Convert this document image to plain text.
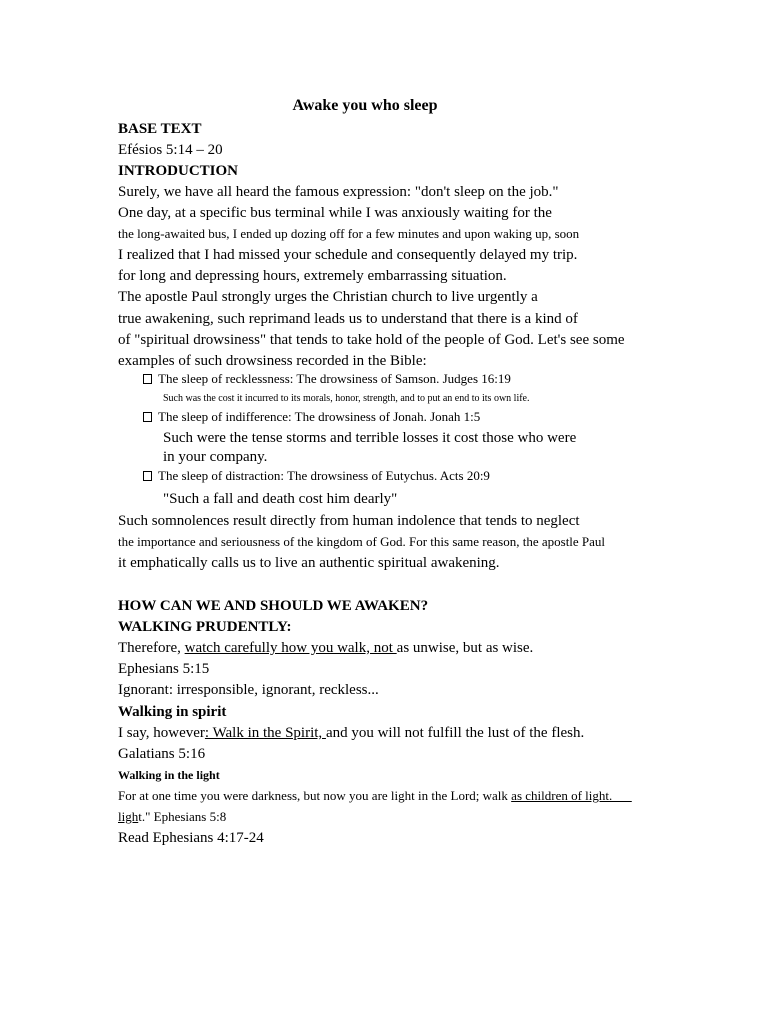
Awake you who sleep
BASE TEXT
Efésios 5:14 – 20
INTRODUCTION
Surely, we have all heard the famous expression: "don't sleep on the job."
One day, at a specific bus terminal while I was anxiously waiting for the
the long-awaited bus, I ended up dozing off for a few minutes and upon waking up, soon
I realized that I had missed your schedule and consequently delayed my trip.
for long and depressing hours, extremely embarrassing situation.
The apostle Paul strongly urges the Christian church to live urgently a
true awakening, such reprimand leads us to understand that there is a kind of
of "spiritual drowsiness" that tends to take hold of the people of God. Let's see some
examples of such drowsiness recorded in the Bible:
The sleep of recklessness: The drowsiness of Samson. Judges 16:19
Such was the cost it incurred to its morals, honor, strength, and to put an end to its own life.
The sleep of indifference: The drowsiness of Jonah. Jonah 1:5
Such were the tense storms and terrible losses it cost those who were
in your company.
The sleep of distraction: The drowsiness of Eutychus. Acts 20:9
"Such a fall and death cost him dearly"
Such somnolences result directly from human indolence that tends to neglect
the importance and seriousness of the kingdom of God. For this same reason, the apostle Paul
it emphatically calls us to live an authentic spiritual awakening.
HOW CAN WE AND SHOULD WE AWAKEN?
WALKING PRUDENTLY:
Therefore, watch carefully how you walk, not as unwise, but as wise.
Ephesians 5:15
Ignorant: irresponsible, ignorant, reckless...
Walking in spirit
I say, however: Walk in the Spirit, and you will not fulfill the lust of the flesh.
Galatians 5:16
Walking in the light
For at one time you were darkness, but now you are light in the Lord; walk as children of light.
light." Ephesians 5:8
Read Ephesians 4:17-24
